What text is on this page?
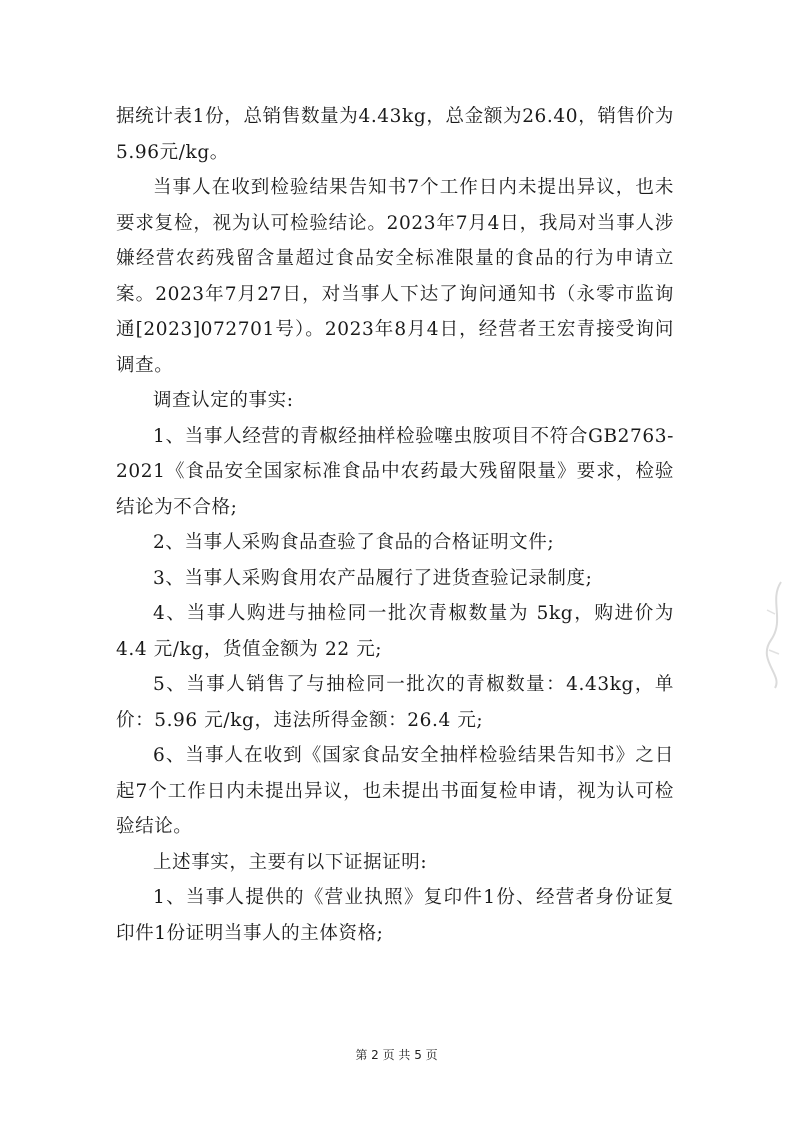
据统计表1份，总销售数量为4.43kg，总金额为26.40，销售价为5.96元/kg。

当事人在收到检验结果告知书7个工作日内未提出异议，也未要求复检，视为认可检验结论。2023年7月4日，我局对当事人涉嫌经营农药残留含量超过食品安全标准限量的食品的行为申请立案。2023年7月27日，对当事人下达了询问通知书（永零市监询通[2023]072701号）。2023年8月4日，经营者王宏青接受询问调查。

调查认定的事实:

1、当事人经营的青椒经抽样检验噻虫胺项目不符合GB2763-2021《食品安全国家标准食品中农药最大残留限量》要求，检验结论为不合格;

2、当事人采购食品查验了食品的合格证明文件;

3、当事人采购食用农产品履行了进货查验记录制度;

4、当事人购进与抽检同一批次青椒数量为 5kg，购进价为 4.4 元/kg，货值金额为 22 元;

5、当事人销售了与抽检同一批次的青椒数量：4.43kg，单价：5.96 元/kg，违法所得金额：26.4 元;

6、当事人在收到《国家食品安全抽样检验结果告知书》之日起7个工作日内未提出异议，也未提出书面复检申请，视为认可检验结论。

上述事实，主要有以下证据证明:

1、当事人提供的《营业执照》复印件1份、经营者身份证复印件1份证明当事人的主体资格;

第 2 页 共 5 页
